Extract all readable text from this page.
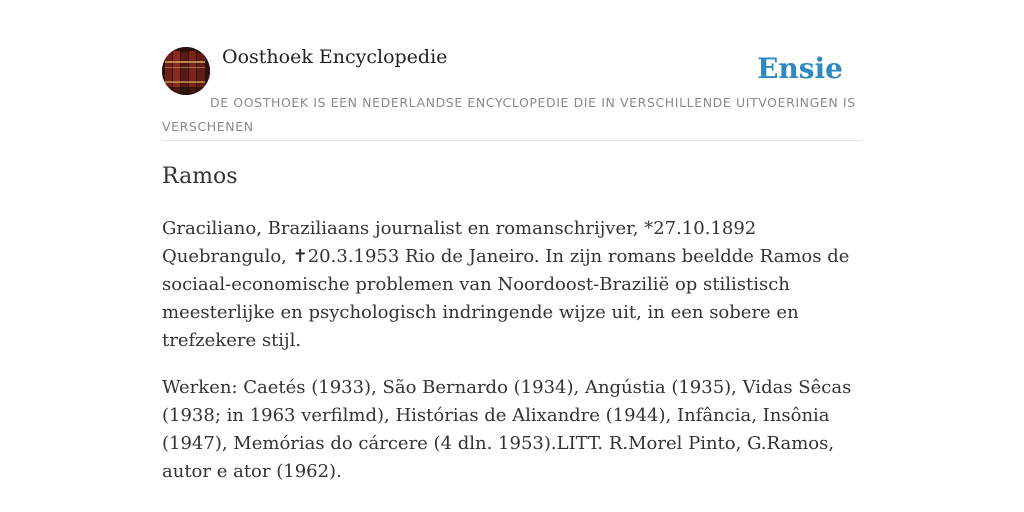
Oosthoek Encyclopedie	Ensie
DE OOSTHOEK IS EEN NEDERLANDSE ENCYCLOPEDIE DIE IN VERSCHILLENDE UITVOERINGEN IS VERSCHENEN
Ramos

Graciliano, Braziliaans journalist en romanschrijver, *27.10.1892 Quebrangulo, ✝20.3.1953 Rio de Janeiro. In zijn romans beeldde Ramos de sociaal-economische problemen van Noordoost-Brazilië op stilistisch meesterlijke en psychologisch indringende wijze uit, in een sobere en trefzekere stijl.

Werken: Caetés (1933), São Bernardo (1934), Angústia (1935), Vidas Sêcas (1938; in 1963 verfilmd), Histórias de Alixandre (1944), Infância, Insônia (1947), Memórias do cárcere (4 dln. 1953).LITT. R.Morel Pinto, G.Ramos, autor e ator (1962).
